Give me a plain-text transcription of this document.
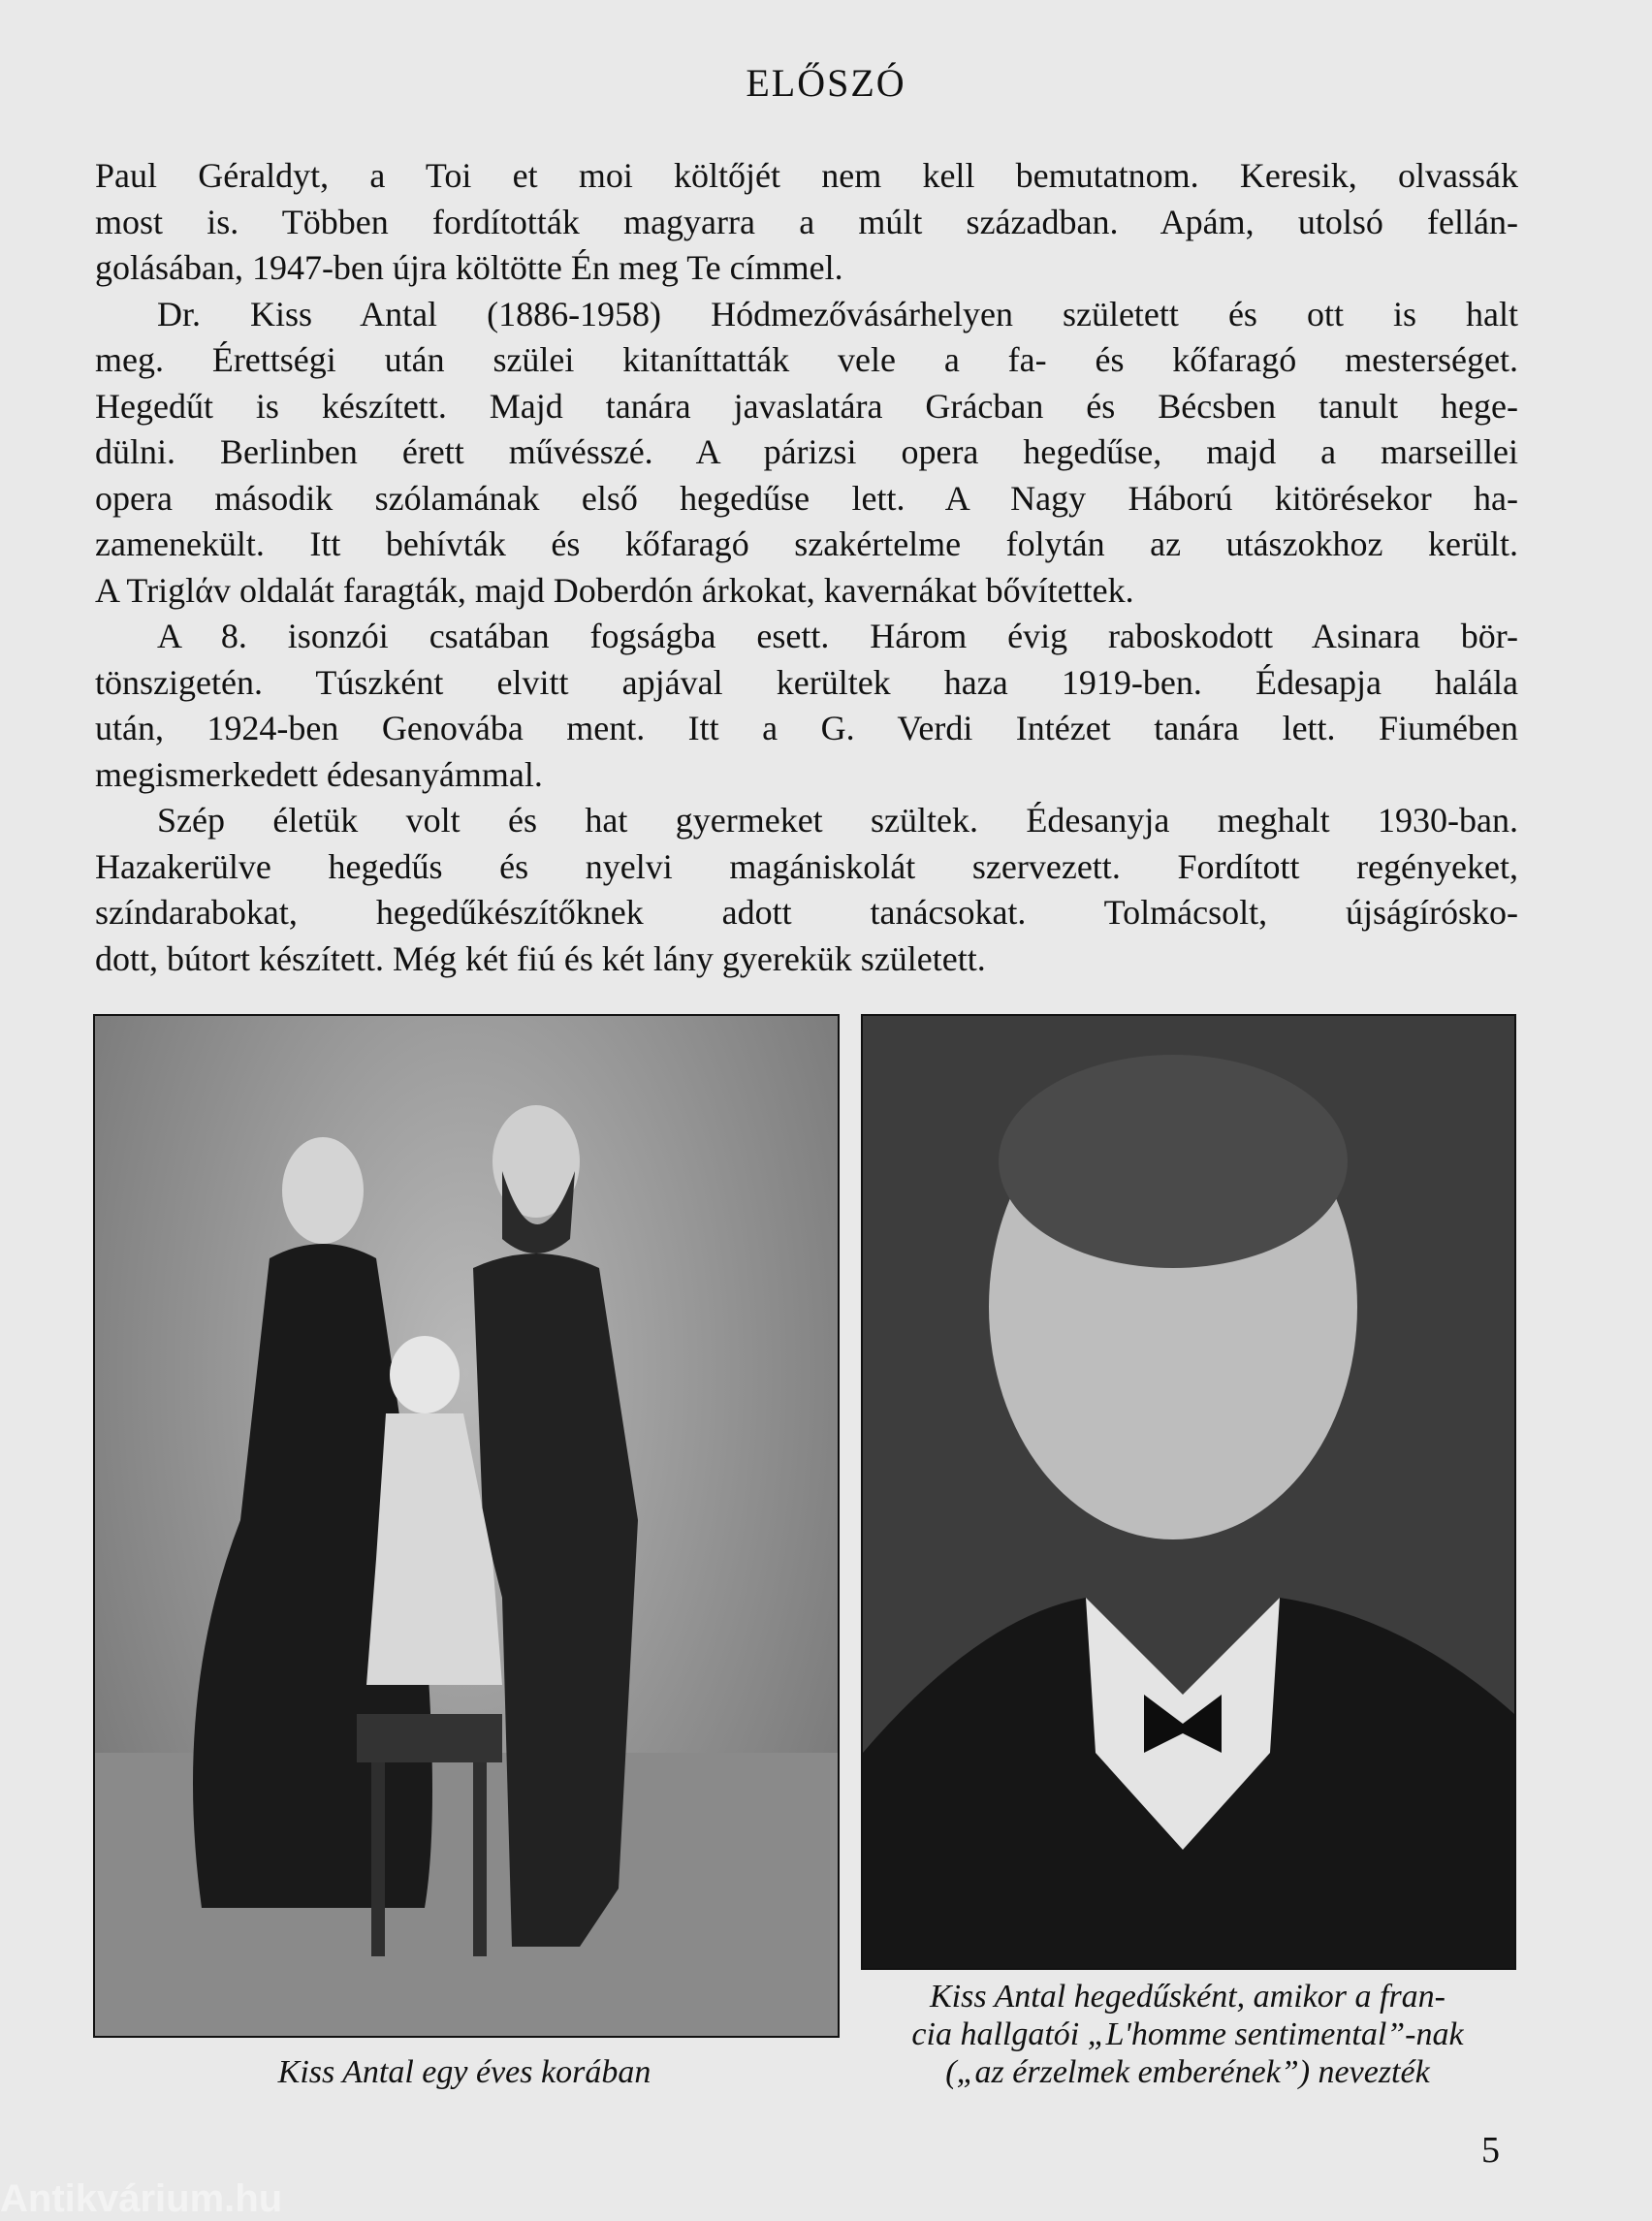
ELŐSZÓ
Paul Géraldyt, a Toi et moi költőjét nem kell bemutatnom. Keresik, olvassák
most is. Többen fordították magyarra a múlt században. Apám, utolsó fellán-
golásában, 1947-ben újra költötte Én meg Te címmel.
Dr. Kiss Antal (1886-1958) Hódmezővásárhelyen született és ott is halt
meg. Érettségi után szülei kitaníttatták vele a fa- és kőfaragó mesterséget.
Hegedűt is készített. Majd tanára javaslatára Grácban és Bécsben tanult hege-
dülni. Berlinben érett művésszé. A párizsi opera hegedűse, majd a marseillei
opera második szólamának első hegedűse lett. A Nagy Háború kitörésekor ha-
zamenekült. Itt behívták és kőfaragó szakértelme folytán az utászokhoz került.
A Triglάv oldalát faragták, majd Doberdón árkokat, kavernákat bővítettek.
A 8. isonzói csatában fogságba esett. Három évig raboskodott Asinara bör-
tönszigetén. Túszként elvitt apjával kerültek haza 1919-ben. Édesapja halála
után, 1924-ben Genovába ment. Itt a G. Verdi Intézet tanára lett. Fiumében
megismerkedett édesanyámmal.
Szép életük volt és hat gyermeket szültek. Édesanyja meghalt 1930-ban.
Hazakerülve hegedűs és nyelvi magániskolát szervezett. Fordított regényeket,
színdarabokat, hegedűkészítőknek adott tanácsokat. Tolmácsolt, újságírósko-
dott, bútort készített. Még két fiú és két lány gyerekük született.
Kiss Antal egy éves korában
Kiss Antal hegedűsként, amikor a fran-
cia hallgatói „L'homme sentimental”-nak
(„az érzelmek emberének”) nevezték
5
Antikvárium.hu
